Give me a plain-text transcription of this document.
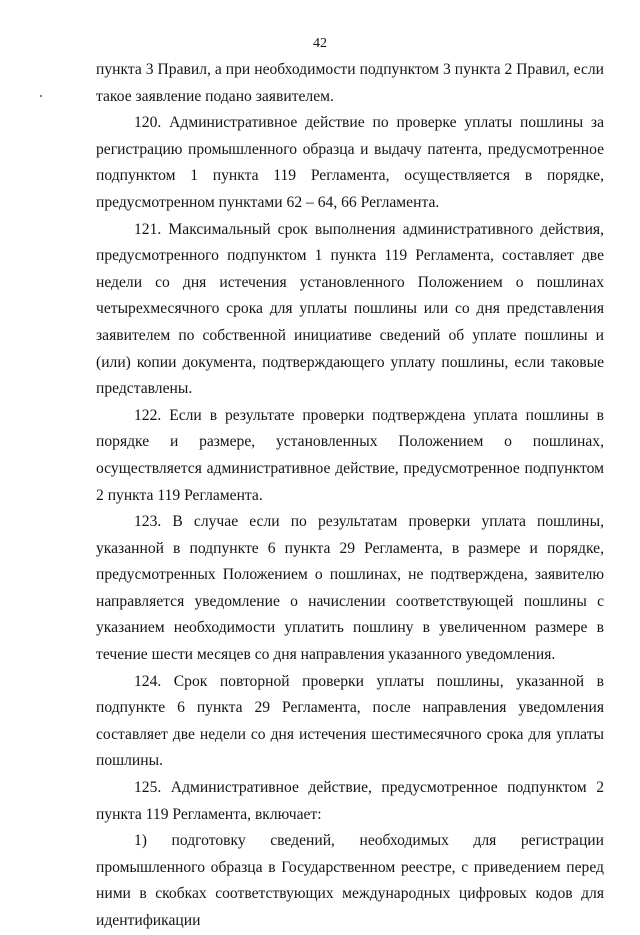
42

пункта 3 Правил, а при необходимости подпунктом 3 пункта 2 Правил, если такое заявление подано заявителем.

120. Административное действие по проверке уплаты пошлины за регистрацию промышленного образца и выдачу патента, предусмотренное подпунктом 1 пункта 119 Регламента, осуществляется в порядке, предусмотренном пунктами 62 – 64, 66 Регламента.

121. Максимальный срок выполнения административного действия, предусмотренного подпунктом 1 пункта 119 Регламента, составляет две недели со дня истечения установленного Положением о пошлинах четырехмесячного срока для уплаты пошлины или со дня представления заявителем по собственной инициативе сведений об уплате пошлины и (или) копии документа, подтверждающего уплату пошлины, если таковые представлены.

122. Если в результате проверки подтверждена уплата пошлины в порядке и размере, установленных Положением о пошлинах, осуществляется административное действие, предусмотренное подпунктом 2 пункта 119 Регламента.

123. В случае если по результатам проверки уплата пошлины, указанной в подпункте 6 пункта 29 Регламента, в размере и порядке, предусмотренных Положением о пошлинах, не подтверждена, заявителю направляется уведомление о начислении соответствующей пошлины с указанием необходимости уплатить пошлину в увеличенном размере в течение шести месяцев со дня направления указанного уведомления.

124. Срок повторной проверки уплаты пошлины, указанной в подпункте 6 пункта 29 Регламента, после направления уведомления составляет две недели со дня истечения шестимесячного срока для уплаты пошлины.

125. Административное действие, предусмотренное подпунктом 2 пункта 119 Регламента, включает:

1) подготовку сведений, необходимых для регистрации промышленного образца в Государственном реестре, с приведением перед ними в скобках соответствующих международных цифровых кодов для идентификации
